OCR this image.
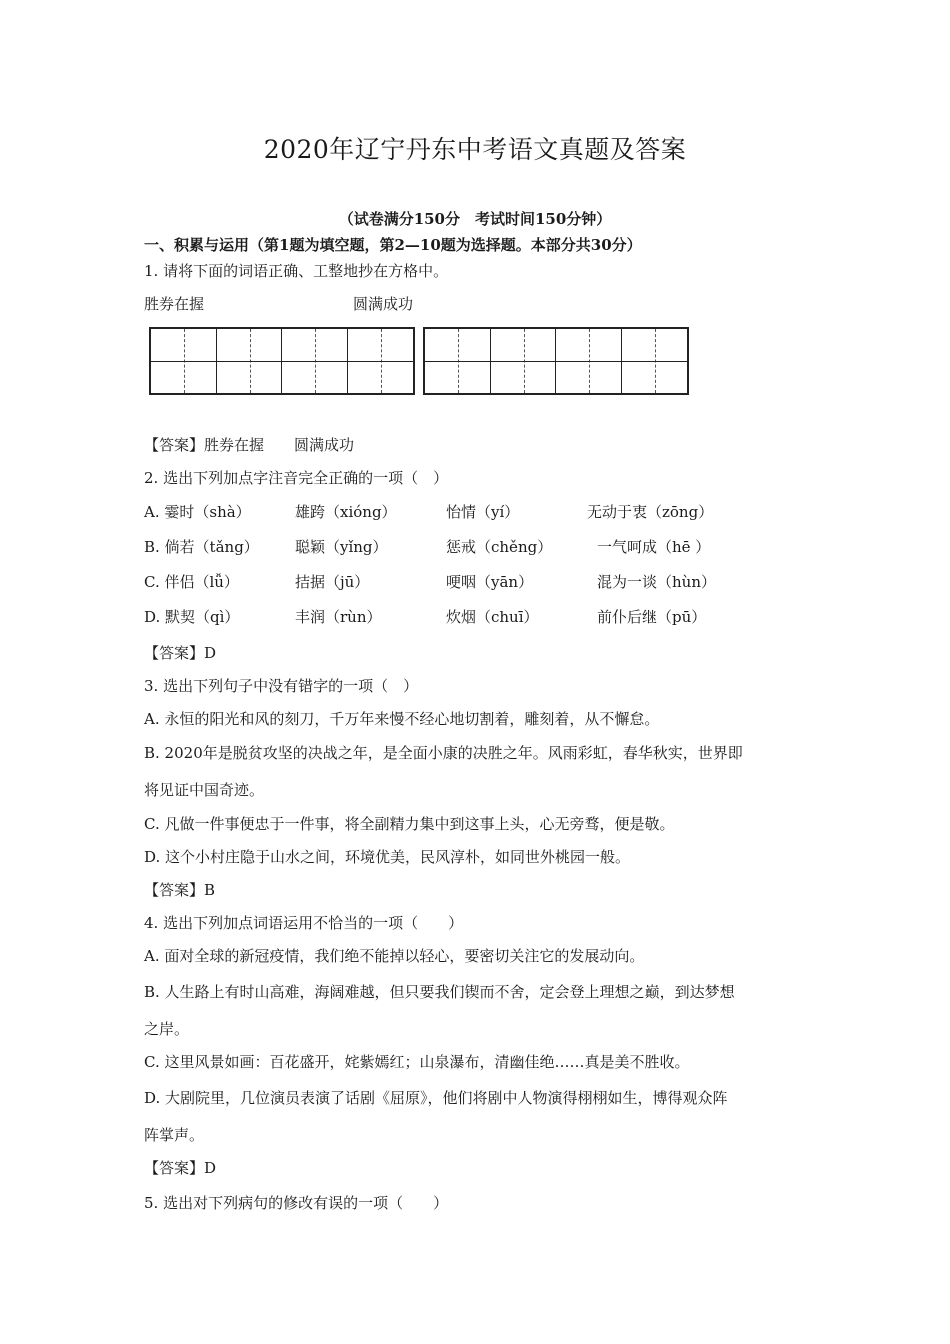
2020年辽宁丹东中考语文真题及答案
（试卷满分150分　考试时间150分钟）
一、积累与运用（第1题为填空题，第2—10题为选择题。本部分共30分）
1. 请将下面的词语正确、工整地抄在方格中。
胜券在握	圆满成功
【答案】胜券在握　　圆满成功
2. 选出下列加点字注音完全正确的一项（　）
A. 霎时（shà）	雄跨（xióng）	怡情（yí）	无动于衷（zōng）
B. 倘若（tǎng） 聪颖（yǐng）	惩戒（chěng）	一气呵成（hē ）
C. 伴侣（lǚ）	拮据（jū）	哽咽（yān）	混为一谈（hùn）
D. 默契（qì）	丰润（rùn）	炊烟（chuī）	前仆后继（pū）
【答案】D
3. 选出下列句子中没有错字的一项（　）
A. 永恒的阳光和风的刻刀，千万年来慢不经心地切割着，雕刻着，从不懈怠。
B. 2020年是脱贫攻坚的决战之年，是全面小康的决胜之年。风雨彩虹，春华秋实，世界即
将见证中国奇迹。
C. 凡做一件事便忠于一件事，将全副精力集中到这事上头，心无旁骛，便是敬。
D. 这个小村庄隐于山水之间，环境优美，民风淳朴，如同世外桃园一般。
【答案】B
4. 选出下列加点词语运用不恰当的一项（　　）
A. 面对全球的新冠疫情，我们绝不能掉以轻心，要密切关注它的发展动向。
B. 人生路上有时山高难，海阔难越，但只要我们锲而不舍，定会登上理想之巅，到达梦想
之岸。
C. 这里风景如画：百花盛开，姹紫嫣红；山泉瀑布，清幽佳绝……真是美不胜收。
D. 大剧院里，几位演员表演了话剧《屈原》，他们将剧中人物演得栩栩如生，博得观众阵
阵掌声。
【答案】D
5. 选出对下列病句的修改有误的一项（　　）
